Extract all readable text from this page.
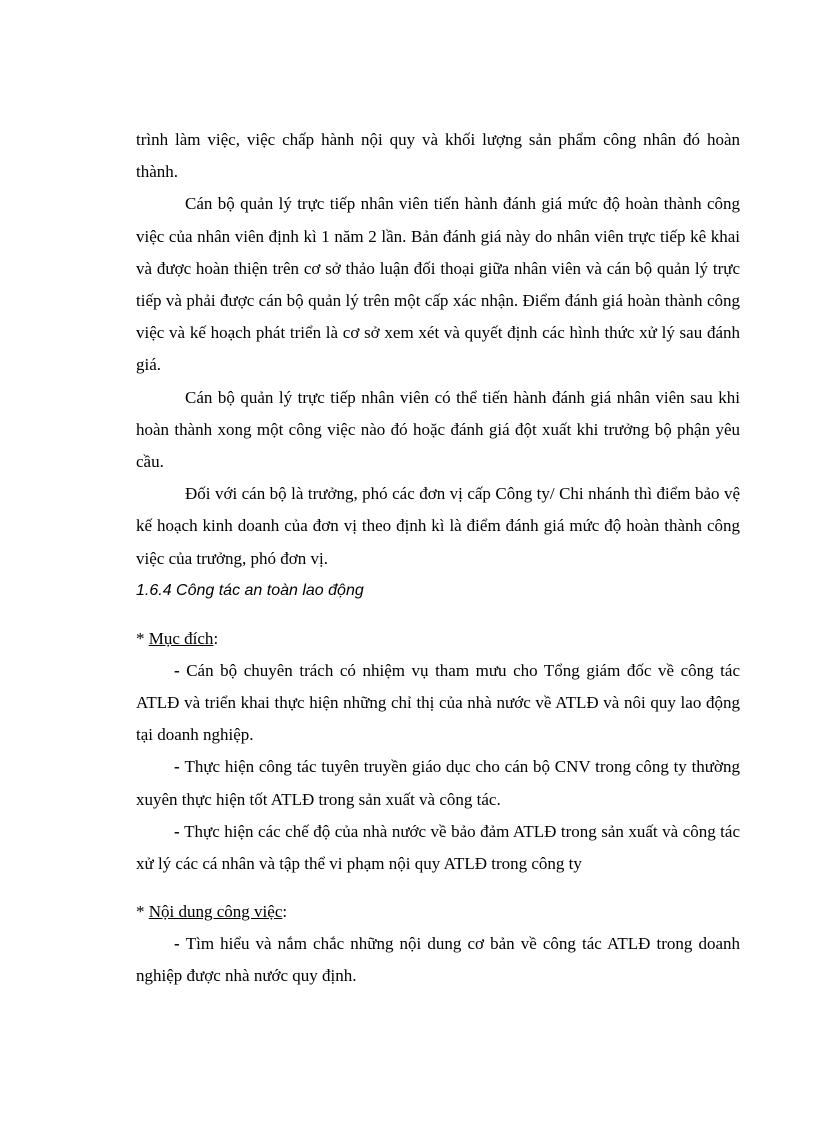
trình làm việc, việc chấp hành nội quy và khối lượng sản phẩm công nhân đó hoàn thành.

Cán bộ quản lý trực tiếp nhân viên tiến hành đánh giá mức độ hoàn thành công việc của nhân viên định kì 1 năm 2 lần. Bản đánh giá này do nhân viên trực tiếp kê khai và được hoàn thiện trên cơ sở thảo luận đối thoại giữa nhân viên và cán bộ quản lý trực tiếp và phải được cán bộ quản lý trên một cấp xác nhận. Điểm đánh giá hoàn thành công việc và kế hoạch phát triển là cơ sở xem xét và quyết định các hình thức xử lý sau đánh giá.

Cán bộ quản lý trực tiếp nhân viên có thể tiến hành đánh giá nhân viên sau khi hoàn thành xong một công việc nào đó hoặc đánh giá đột xuất khi trưởng bộ phận yêu cầu.

Đối với cán bộ là trưởng, phó các đơn vị cấp Công ty/ Chi nhánh thì điểm bảo vệ kế hoạch kinh doanh của đơn vị theo định kì là điểm đánh giá mức độ hoàn thành công việc của trưởng, phó đơn vị.

1.6.4 Công tác an toàn lao động

* Mục đích:

- Cán bộ chuyên trách có nhiệm vụ tham mưu cho Tổng giám đốc về công tác ATLĐ và triển khai thực hiện những chỉ thị của nhà nước về ATLĐ và nôi quy lao động tại doanh nghiệp.

- Thực hiện công tác tuyên truyền giáo dục cho cán bộ CNV trong công ty thường xuyên thực hiện tốt ATLĐ trong sản xuất và công tác.

- Thực hiện các chế độ của nhà nước về bảo đảm ATLĐ trong sản xuất và công tác xử lý các cá nhân và tập thể vi phạm nội quy ATLĐ trong công ty

* Nội dung công việc:

- Tìm hiểu và nắm chắc những nội dung cơ bản về công tác ATLĐ trong doanh nghiệp được nhà nước quy định.
